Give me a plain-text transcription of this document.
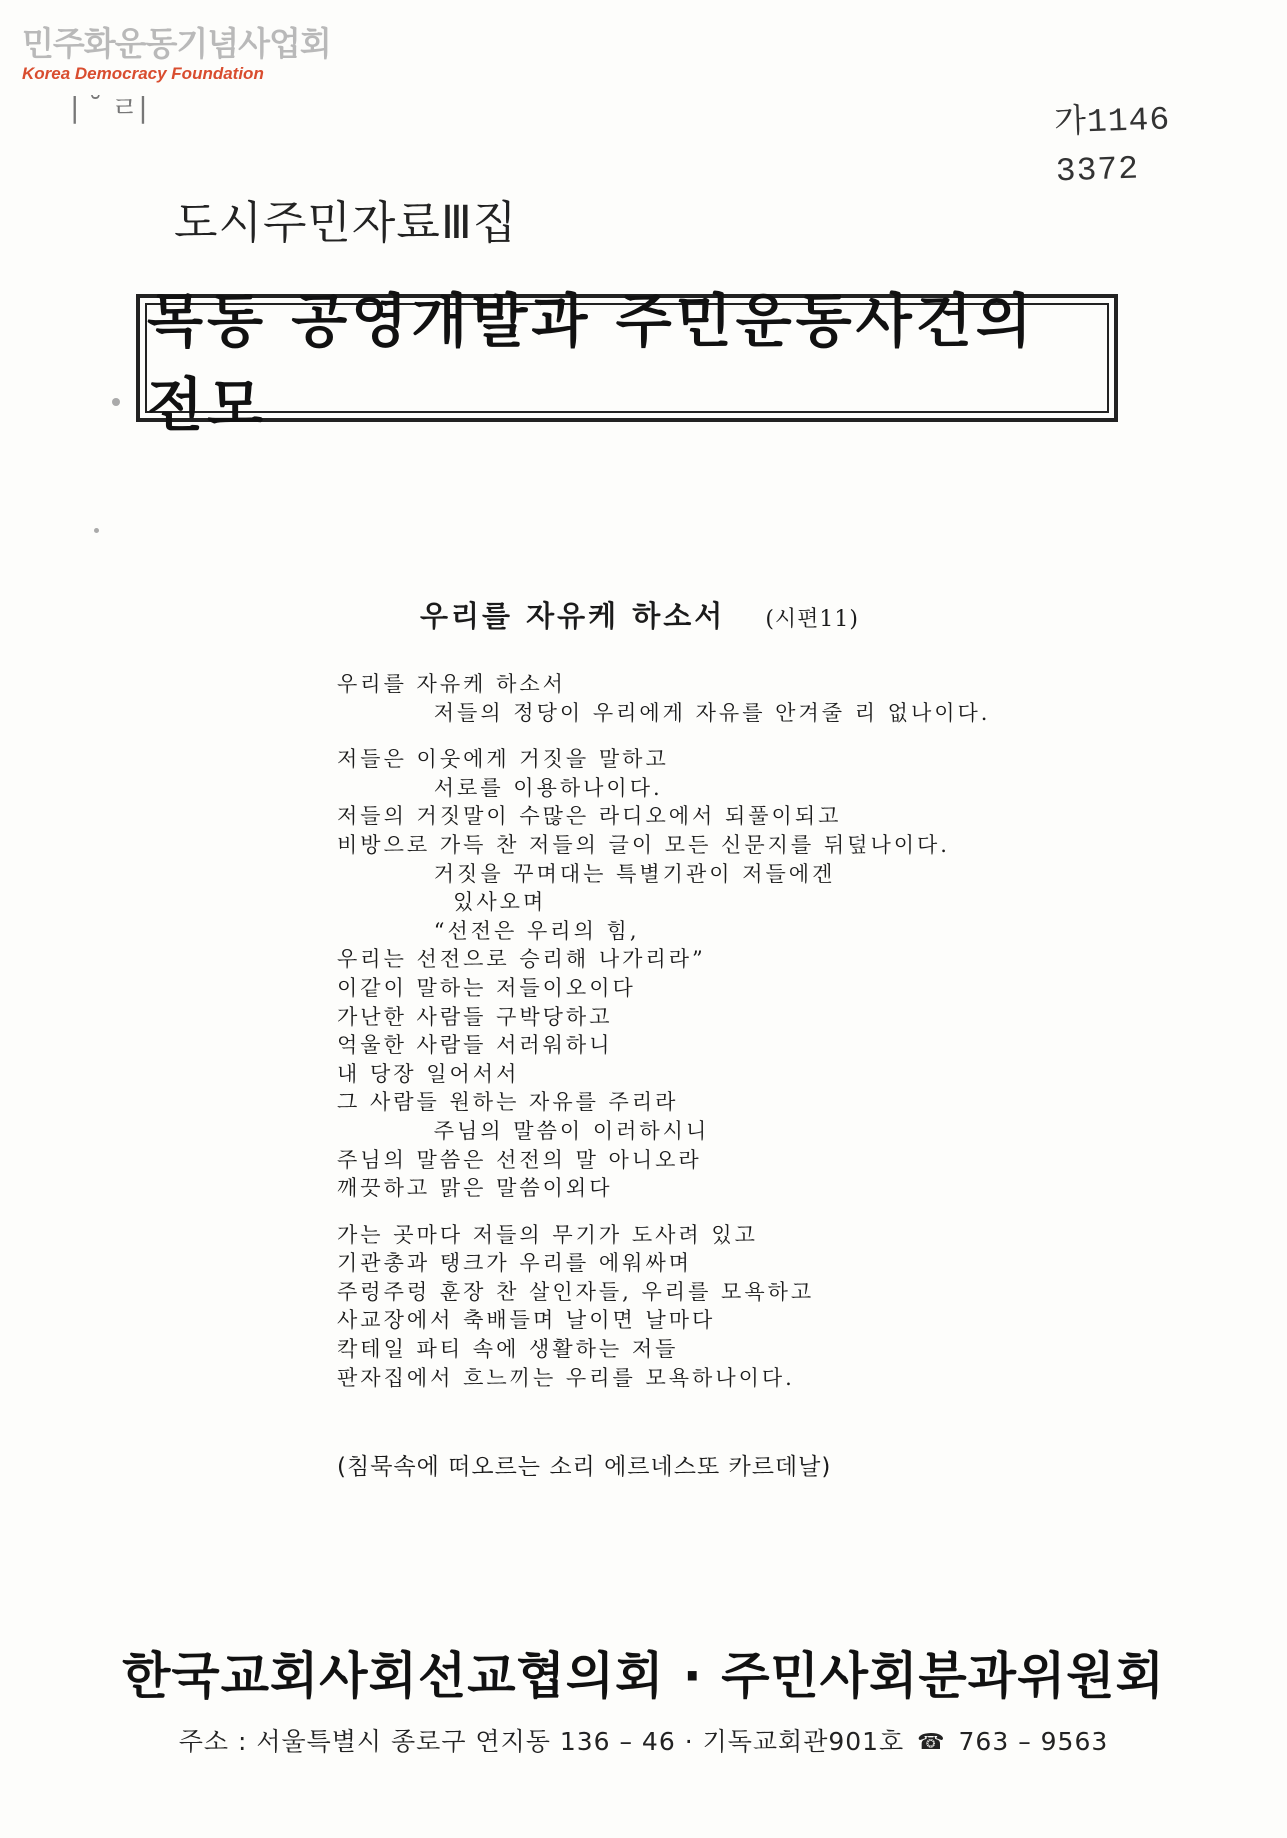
민주화운동기념사업회
Korea Democracy Foundation
| ˘ ㄹ|	가1146
3372
도시주민자료Ⅲ집
목동 공영개발과 주민운동사건의 전모
우리를 자유케 하소서 (시편11)
우리를 자유케 하소서
저들의 정당이 우리에게 자유를 안겨줄 리 없나이다.
저들은 이웃에게 거짓을 말하고
서로를 이용하나이다.
저들의 거짓말이 수많은 라디오에서 되풀이되고
비방으로 가득 찬 저들의 글이 모든 신문지를 뒤덮나이다.
거짓을 꾸며대는 특별기관이 저들에겐
있사오며
“선전은 우리의 힘,
우리는 선전으로 승리해 나가리라”
이같이 말하는 저들이오이다
가난한 사람들 구박당하고
억울한 사람들 서러워하니
내 당장 일어서서
그 사람들 원하는 자유를 주리라
주님의 말씀이 이러하시니
주님의 말씀은 선전의 말 아니오라
깨끗하고 맑은 말씀이외다
가는 곳마다 저들의 무기가 도사려 있고
기관총과 탱크가 우리를 에워싸며
주렁주렁 훈장 찬 살인자들, 우리를 모욕하고
사교장에서 축배들며 날이면 날마다
칵테일 파티 속에 생활하는 저들
판자집에서 흐느끼는 우리를 모욕하나이다.
(침묵속에 떠오르는 소리 에르네스또 카르데날)
한국교회사회선교협의회 · 주민사회분과위원회
주소 : 서울특별시 종로구 연지동 136 – 46 · 기독교회관901호 ☎ 763 – 9563
